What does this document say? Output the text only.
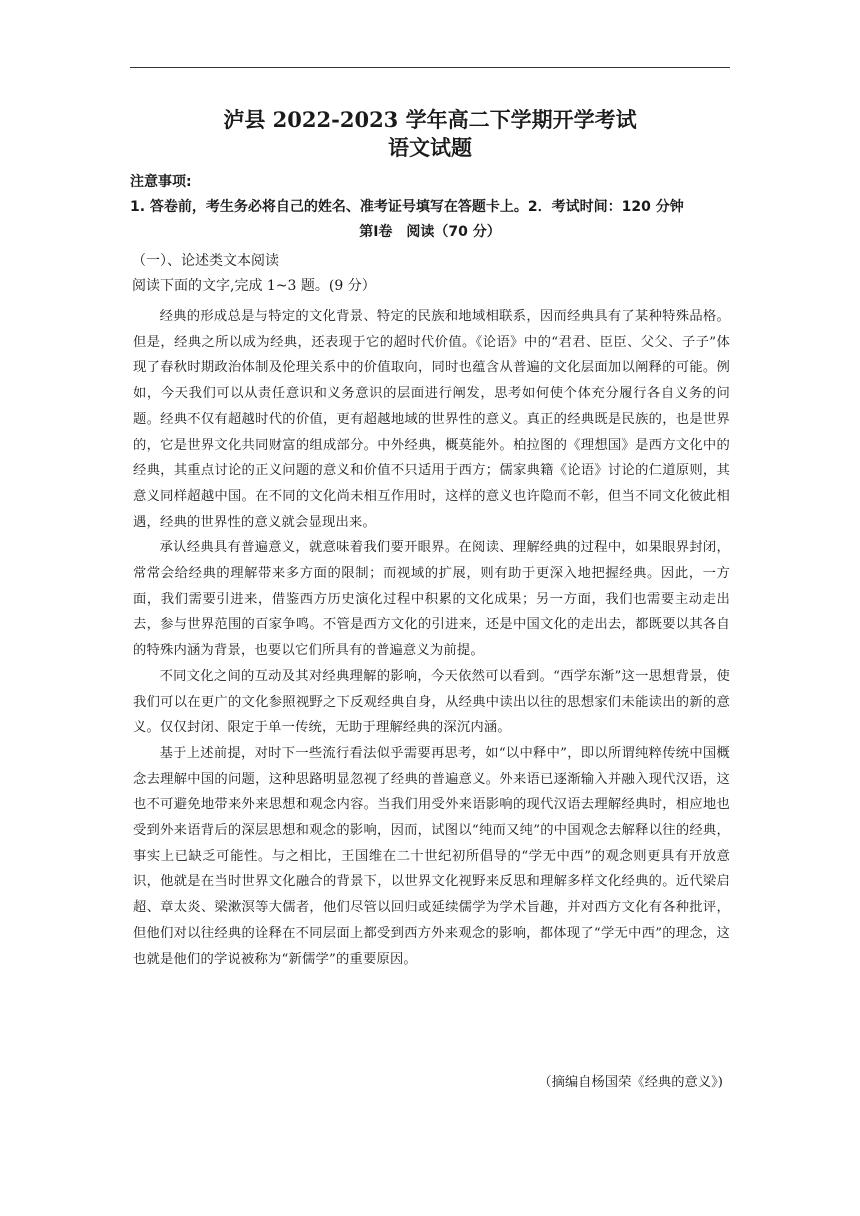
泸县 2022-2023 学年高二下学期开学考试
语文试题
注意事项:
1. 答卷前，考生务必将自己的姓名、准考证号填写在答题卡上。2．考试时间：120 分钟
第Ⅰ卷　阅读（70 分）
（一）、论述类文本阅读
阅读下面的文字,完成 1~3 题。(9 分）

经典的形成总是与特定的文化背景、特定的民族和地域相联系，因而经典具有了某种特殊品格。但是，经典之所以成为经典，还表现于它的超时代价值。《论语》中的“君君、臣臣、父父、子子”体现了春秋时期政治体制及伦理关系中的价值取向，同时也蕴含从普遍的文化层面加以阐释的可能。例如，今天我们可以从责任意识和义务意识的层面进行阐发，思考如何使个体充分履行各自义务的问题。经典不仅有超越时代的价值，更有超越地域的世界性的意义。真正的经典既是民族的，也是世界的，它是世界文化共同财富的组成部分。中外经典，概莫能外。柏拉图的《理想国》是西方文化中的经典，其重点讨论的正义问题的意义和价值不只适用于西方；儒家典籍《论语》讨论的仁道原则，其意义同样超越中国。在不同的文化尚未相互作用时，这样的意义也许隐而不彰，但当不同文化彼此相遇，经典的世界性的意义就会显现出来。

承认经典具有普遍意义，就意味着我们要开眼界。在阅读、理解经典的过程中，如果眼界封闭，常常会给经典的理解带来多方面的限制；而视域的扩展，则有助于更深入地把握经典。因此，一方面，我们需要引进来，借鉴西方历史演化过程中积累的文化成果；另一方面，我们也需要主动走出去，参与世界范围的百家争鸣。不管是西方文化的引进来，还是中国文化的走出去，都既要以其各自的特殊内涵为背景，也要以它们所具有的普遍意义为前提。

不同文化之间的互动及其对经典理解的影响，今天依然可以看到。“西学东渐”这一思想背景，使我们可以在更广的文化参照视野之下反观经典自身，从经典中读出以往的思想家们未能读出的新的意义。仅仅封闭、限定于单一传统，无助于理解经典的深沉内涵。

基于上述前提，对时下一些流行看法似乎需要再思考，如“以中释中”，即以所谓纯粹传统中国概念去理解中国的问题，这种思路明显忽视了经典的普遍意义。外来语已逐渐输入并融入现代汉语，这也不可避免地带来外来思想和观念内容。当我们用受外来语影响的现代汉语去理解经典时，相应地也受到外来语背后的深层思想和观念的影响，因而，试图以“纯而又纯”的中国观念去解释以往的经典，事实上已缺乏可能性。与之相比，王国维在二十世纪初所倡导的“学无中西”的观念则更具有开放意识，他就是在当时世界文化融合的背景下，以世界文化视野来反思和理解多样文化经典的。近代梁启超、章太炎、梁漱溟等大儒者，他们尽管以回归或延续儒学为学术旨趣，并对西方文化有各种批评，但他们对以往经典的诠释在不同层面上都受到西方外来观念的影响，都体现了“学无中西”的理念，这也就是他们的学说被称为“新儒学”的重要原因。

（摘编自杨国荣《经典的意义》)
